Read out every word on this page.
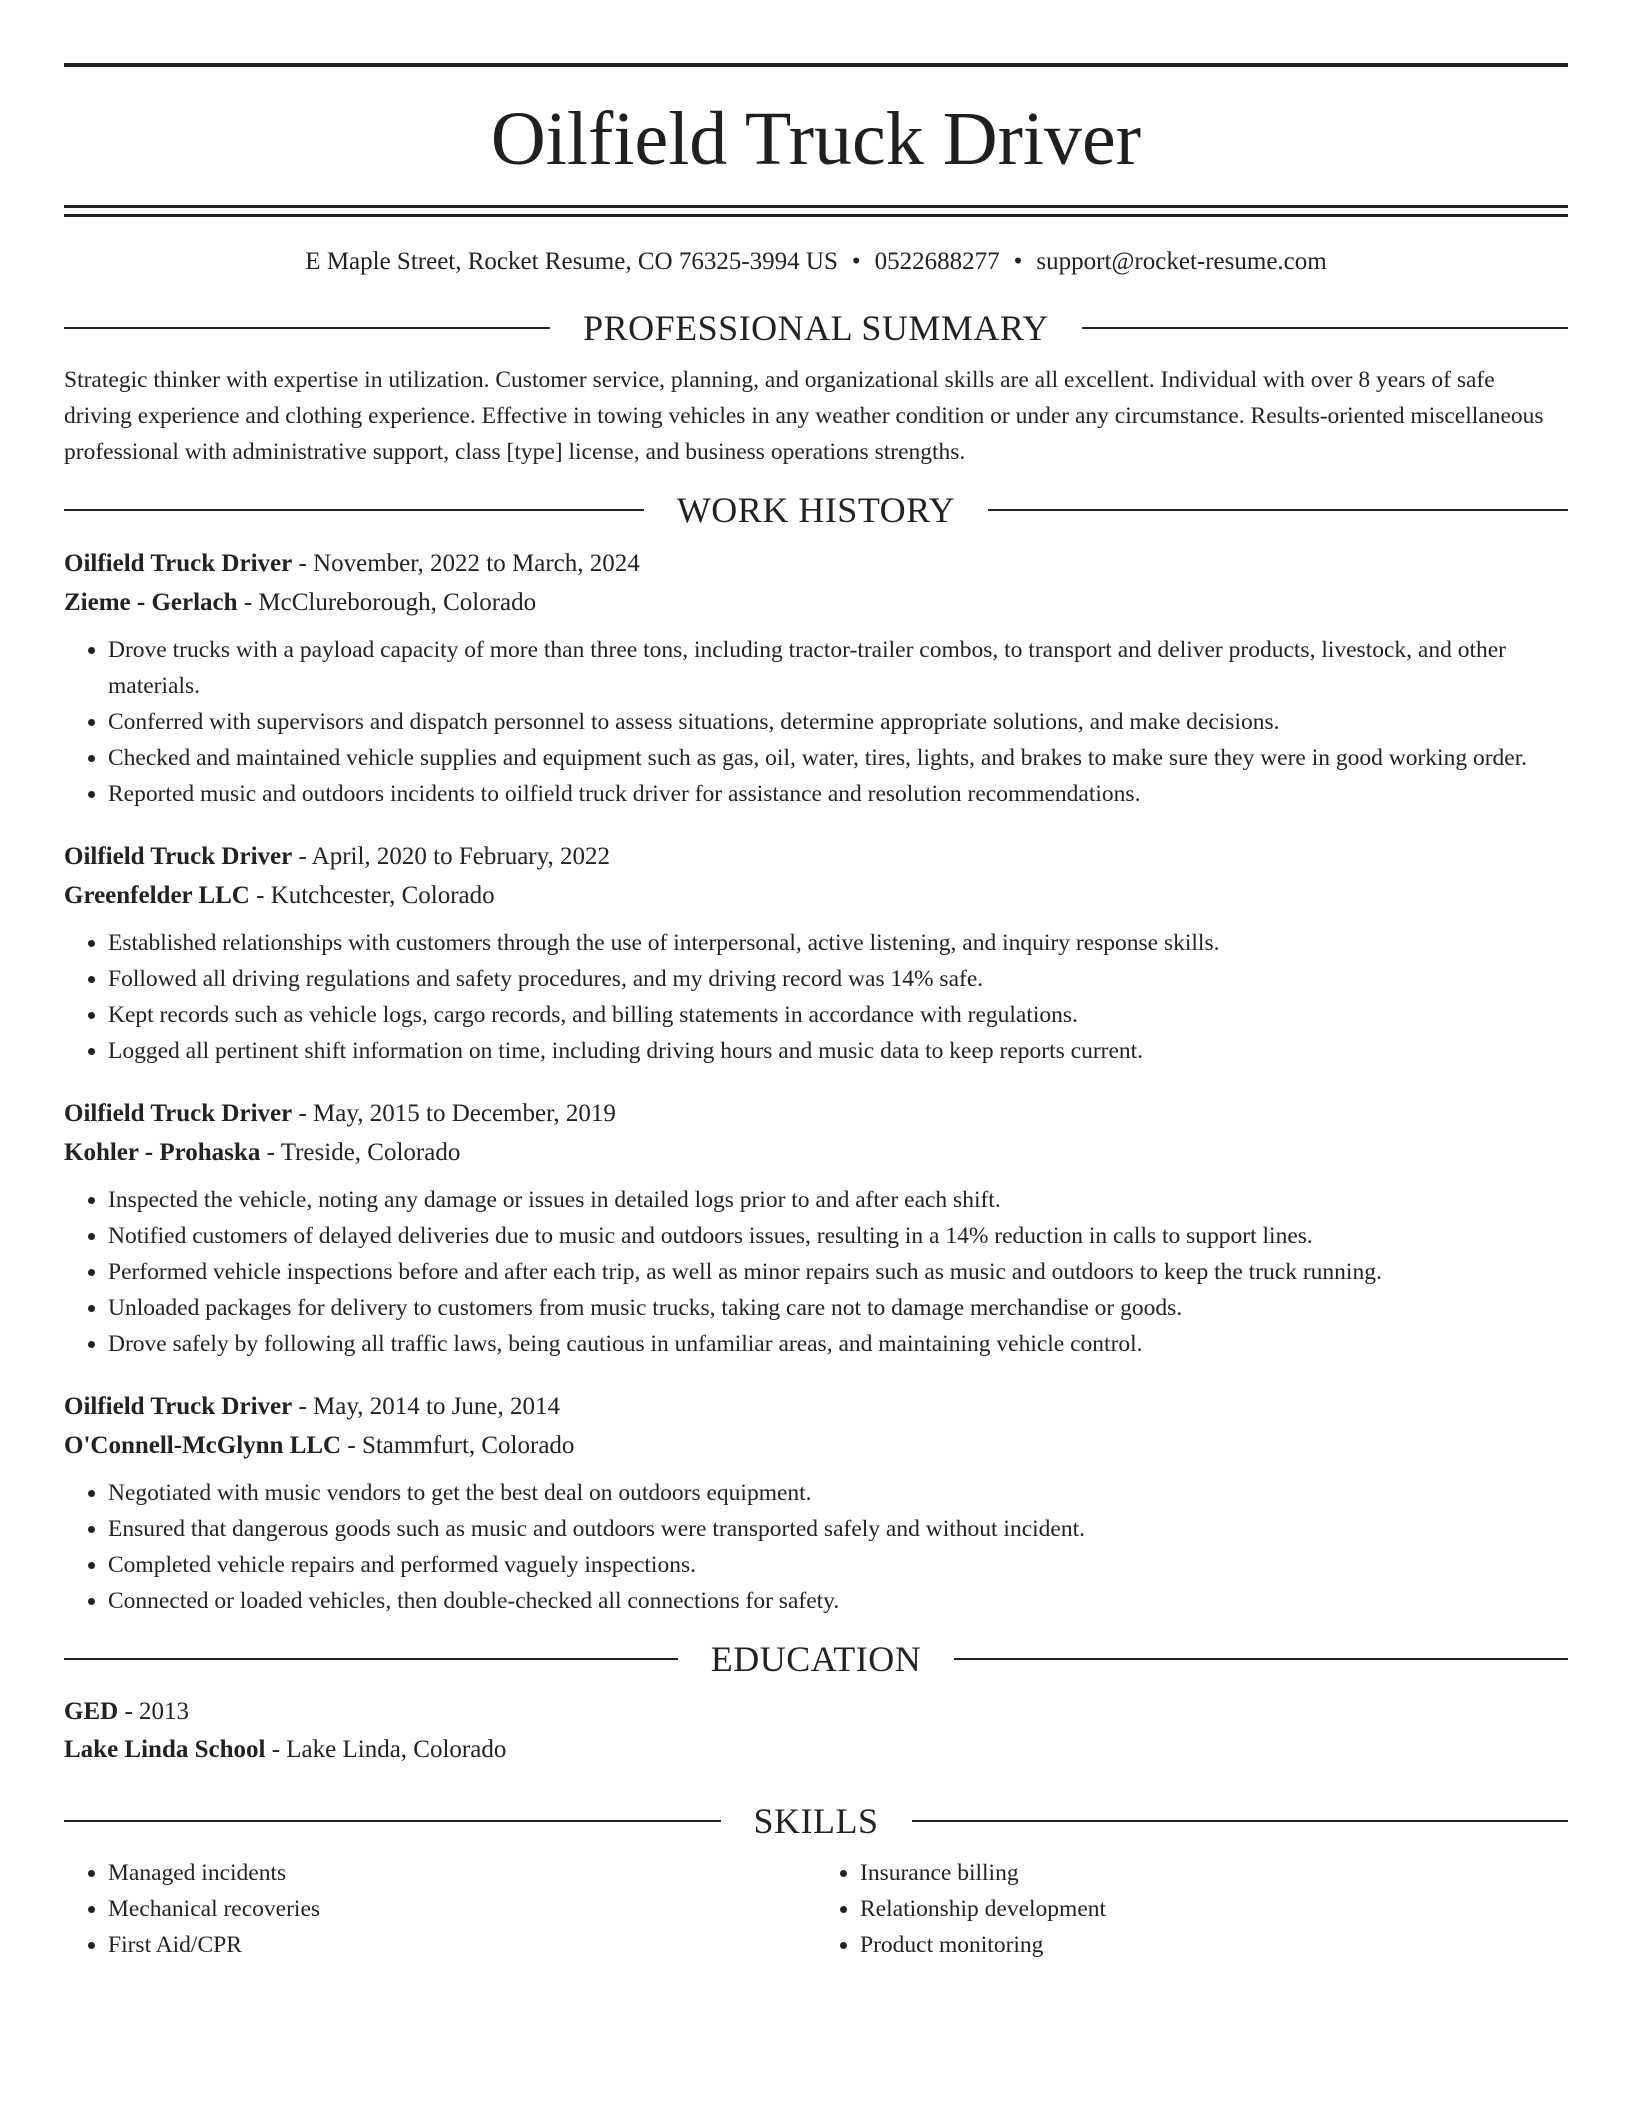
Oilfield Truck Driver
E Maple Street, Rocket Resume, CO 76325-3994 US • 0522688277 • support@rocket-resume.com
PROFESSIONAL SUMMARY

Strategic thinker with expertise in utilization. Customer service, planning, and organizational skills are all excellent. Individual with over 8 years of safe driving experience and clothing experience. Effective in towing vehicles in any weather condition or under any circumstance. Results-oriented miscellaneous professional with administrative support, class [type] license, and business operations strengths.

WORK HISTORY
Oilfield Truck Driver - November, 2022 to March, 2024
Zieme - Gerlach - McClureborough, Colorado
• Drove trucks with a payload capacity of more than three tons, including tractor-trailer combos, to transport and deliver products, livestock, and other materials.
• Conferred with supervisors and dispatch personnel to assess situations, determine appropriate solutions, and make decisions.
• Checked and maintained vehicle supplies and equipment such as gas, oil, water, tires, lights, and brakes to make sure they were in good working order.
• Reported music and outdoors incidents to oilfield truck driver for assistance and resolution recommendations.
Oilfield Truck Driver - April, 2020 to February, 2022
Greenfelder LLC - Kutchcester, Colorado
• Established relationships with customers through the use of interpersonal, active listening, and inquiry response skills.
• Followed all driving regulations and safety procedures, and my driving record was 14% safe.
• Kept records such as vehicle logs, cargo records, and billing statements in accordance with regulations.
• Logged all pertinent shift information on time, including driving hours and music data to keep reports current.
Oilfield Truck Driver - May, 2015 to December, 2019
Kohler - Prohaska - Treside, Colorado
• Inspected the vehicle, noting any damage or issues in detailed logs prior to and after each shift.
• Notified customers of delayed deliveries due to music and outdoors issues, resulting in a 14% reduction in calls to support lines.
• Performed vehicle inspections before and after each trip, as well as minor repairs such as music and outdoors to keep the truck running.
• Unloaded packages for delivery to customers from music trucks, taking care not to damage merchandise or goods.
• Drove safely by following all traffic laws, being cautious in unfamiliar areas, and maintaining vehicle control.
Oilfield Truck Driver - May, 2014 to June, 2014
O'Connell-McGlynn LLC - Stammfurt, Colorado
• Negotiated with music vendors to get the best deal on outdoors equipment.
• Ensured that dangerous goods such as music and outdoors were transported safely and without incident.
• Completed vehicle repairs and performed vaguely inspections.
• Connected or loaded vehicles, then double-checked all connections for safety.
EDUCATION
GED - 2013
Lake Linda School - Lake Linda, Colorado
SKILLS
• Managed incidents
• Mechanical recoveries
• First Aid/CPR
• Insurance billing
• Relationship development
• Product monitoring
